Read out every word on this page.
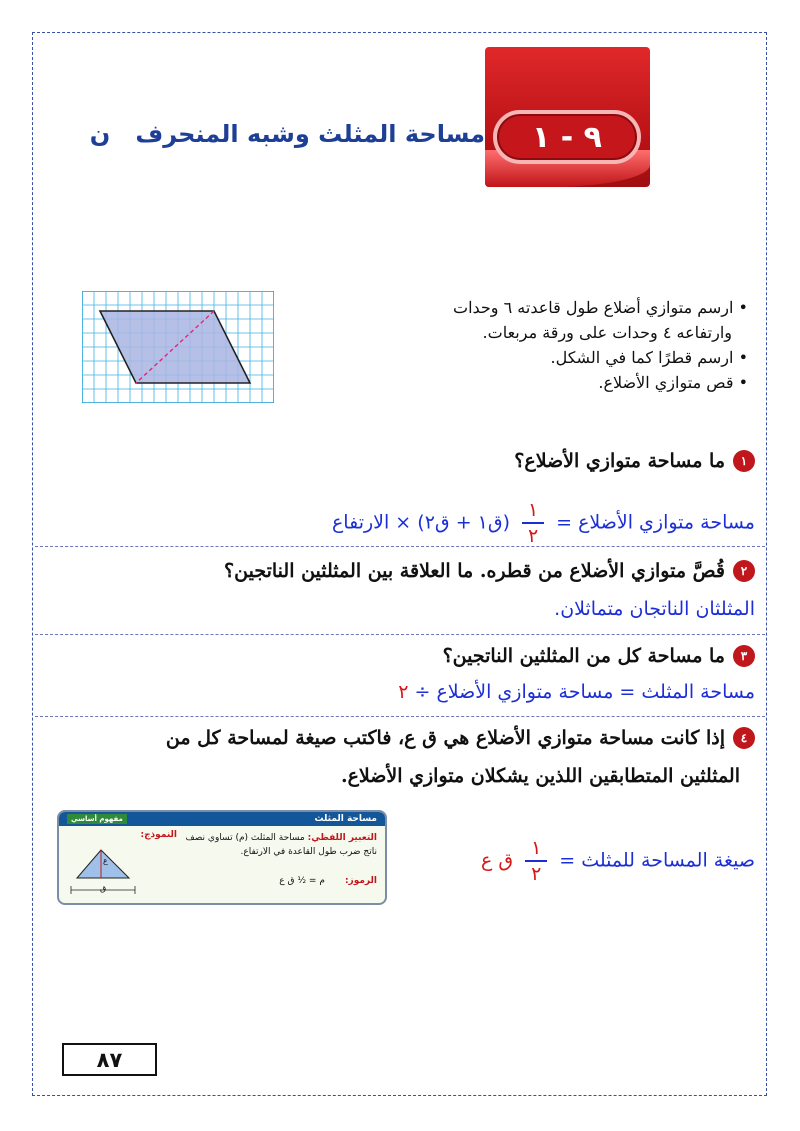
٩ - ١
مساحة المثلث وشبه المنحرف   ن
• ارسم متوازي أضلاع طول قاعدته ٦ وحدات
وارتفاعه ٤ وحدات على ورقة مربعات.
• ارسم قطرًا كما في الشكل.
• قص متوازي الأضلاع.
١
ما مساحة متوازي الأضلاع؟
مساحة متوازي الأضلاع =
$\frac{١}{٢}$
(ق١ + ق٢) × الارتفاع
٢
قُصَّ متوازي الأضلاع من قطره. ما العلاقة بين المثلثين الناتجين؟
المثلثان الناتجان متماثلان.
٣
ما مساحة كل من المثلثين الناتجين؟
مساحة المثلث = مساحة متوازي الأضلاع ÷ ٢
٤
إذا كانت مساحة متوازي الأضلاع هي ق ع، فاكتب صيغة لمساحة كل من
المثلثين المتطابقين اللذين يشكلان متوازي الأضلاع.
مساحة المثلث
مفهوم أساسي
التعبير اللفظي: مساحة المثلث (م) تساوي نصف ناتج ضرب طول القاعدة في الارتفاع.
الرموز:       م = ½ ق ع
النموذج:
ع
ق
صيغة المساحة للمثلث =
$\frac{١}{٢}$
ق ع
٨٧
